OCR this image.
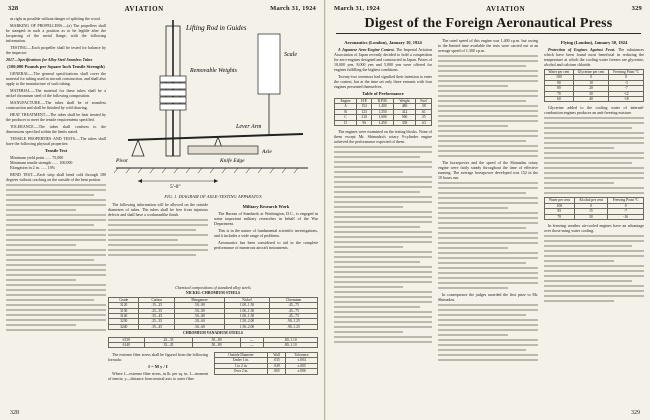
328	AVIATION	March 31, 1924

as right as possible without danger of splitting the wood.

MARKING OF PROPELLERS.—(a) The propellers shall be stamped in such a position as to be legible after the lacquering of the metal flange, with the following information.

TESTING.—Each propeller shall be tested for balance by the inspector.

2017—Specifications for Alloy Steel Seamless Tubes
(100,000 Pounds per Square Inch Tensile Strength)

GENERAL.—The general specifications shall cover the material for tubing used in aircraft construction, and shall also apply to the manufacture of such tubing.

MATERIAL.—The material for these tubes shall be a nickel chromium steel of the following composition.

MANUFACTURE.—The tubes shall be of seamless construction and shall be finished by cold drawing.

HEAT TREATMENT.—The tubes shall be heat treated by the producer to meet the tensile requirements specified.

TOLERANCE.—The tubes shall conform to the dimensions specified within the limits stated.

TENSILE PROPERTIES AND TESTS.—The tubes shall have the following physical properties:

Tensile Test
Minimum yield point ...... 75,000
Minimum tensile strength ...... 100,000
Elongation in 2 in. ...... 10%

BEND TEST.—Each strip shall bend cold through 180 degrees without cracking on the outside of the bent portion.

Lifting Rod in Guides
Removable Weights
Scale
Lever Arm
Knife Edge
Pivot
Axle
5'-0"
FIG. 1. DIAGRAM OF AXLE-TESTING APPARATUS

The following information will be allowed on the outside diameters of tubes. The tubes shall be free from injurious defects and shall have a workmanlike finish.

Military Research Work

The Bureau of Standards at Washington, D.C., is engaged in some important military researches in behalf of the War Department.

This is in the nature of fundamental scientific investigations, and it includes a wide range of problems.

Aeronautics has been considered to aid in the complete performance of numerous aircraft instruments.

Chemical compositions of standard alloy steels
NICKEL-CHROMIUM STEELS
Grade	Carbon	Manganese	Nickel	Chromium
3120	.15–.25	.50–.80	1.00–1.50	.45–.75
3130	.25–.35	.50–.80	1.00–1.50	.45–.75
3140	.35–.45	.50–.80	1.00–1.50	.45–.75
3230	.25–.35	.30–.60	1.50–2.00	.90–1.25
3240	.35–.45	.30–.60	1.50–2.00	.90–1.25
CHROMIUM VANADIUM STEELS
6130	.25–.35	.50–.80	—	.80–1.10
6140	.35–.45	.50–.80	—	.80–1.10

The extreme fiber stress shall be figured from the following formula:

f = M y / I

Where f—extreme fiber stress, in lb. per sq. in. I—moment of inertia. y—distance from neutral axis to outer fiber.

Outside Diameter	Wall	Tolerance
Under 1 in.	.035	±.004
1 to 2 in.	.049	±.005
Over 2 in.	.065	±.006
328
March 31, 1924	AVIATION	329
Digest of the Foreign Aeronautical Press
Aeronautics (London), January 10, 1924

A Japanese Aero-Engine Contest. The Imperial Aviation Association of Japan recently decided to hold a competition for aero-engines designed and constructed in Japan. Prizes of 10,000 yen, 8,000 yen and 5,000 yen were offered for engines fulfilling the highest conditions.

Twenty-two inventors had signified their intention to enter the contest, but at the time set only three entrants with four engines presented themselves.

Table of Performance
Engine	H.P.	R.P.M.	Weight	Fuel
A	152	1,400	486	.58
B	123	1,350	412	.61
C	210	1,600	560	.55
D	96	1,450	338	.63

The engines were examined on the testing blocks. None of them except Mr. Shimadzu's rotary 9-cylinder engine achieved the performance expected of them.

The rated speed of this engine was 1,400 r.p.m. but owing to the limited time available the tests were carried out at an average speed of 1,300 r.p.m.

The horsepower and the speed of the Shimadzu rotary engine were fairly steady throughout the time of effective running. The average horsepower developed was 152 in the 10 hours run.

In consequence the judges awarded the first prize to Mr. Shimadzu.

Flying (London), January 30, 1924

Protection of Engines Against Frost. The substances which have been found most beneficial in reducing the temperature at which the cooling water freezes are glycerine, alcohol and calcium chloride.

Water per cent	Glycerine per cent	Freezing Point °C
100	0	0
90	10	-3
80	20	-7
70	30	-12
60	40	-18

Glycerine added to the cooling water of internal-combustion engines produces an anti-freezing mixture.

Water per cent	Alcohol per cent	Freezing Point °C
100	0	0
85	15	-7
70	30	-16

In freezing weather air-cooled engines have an advantage over those using water cooling.

329
